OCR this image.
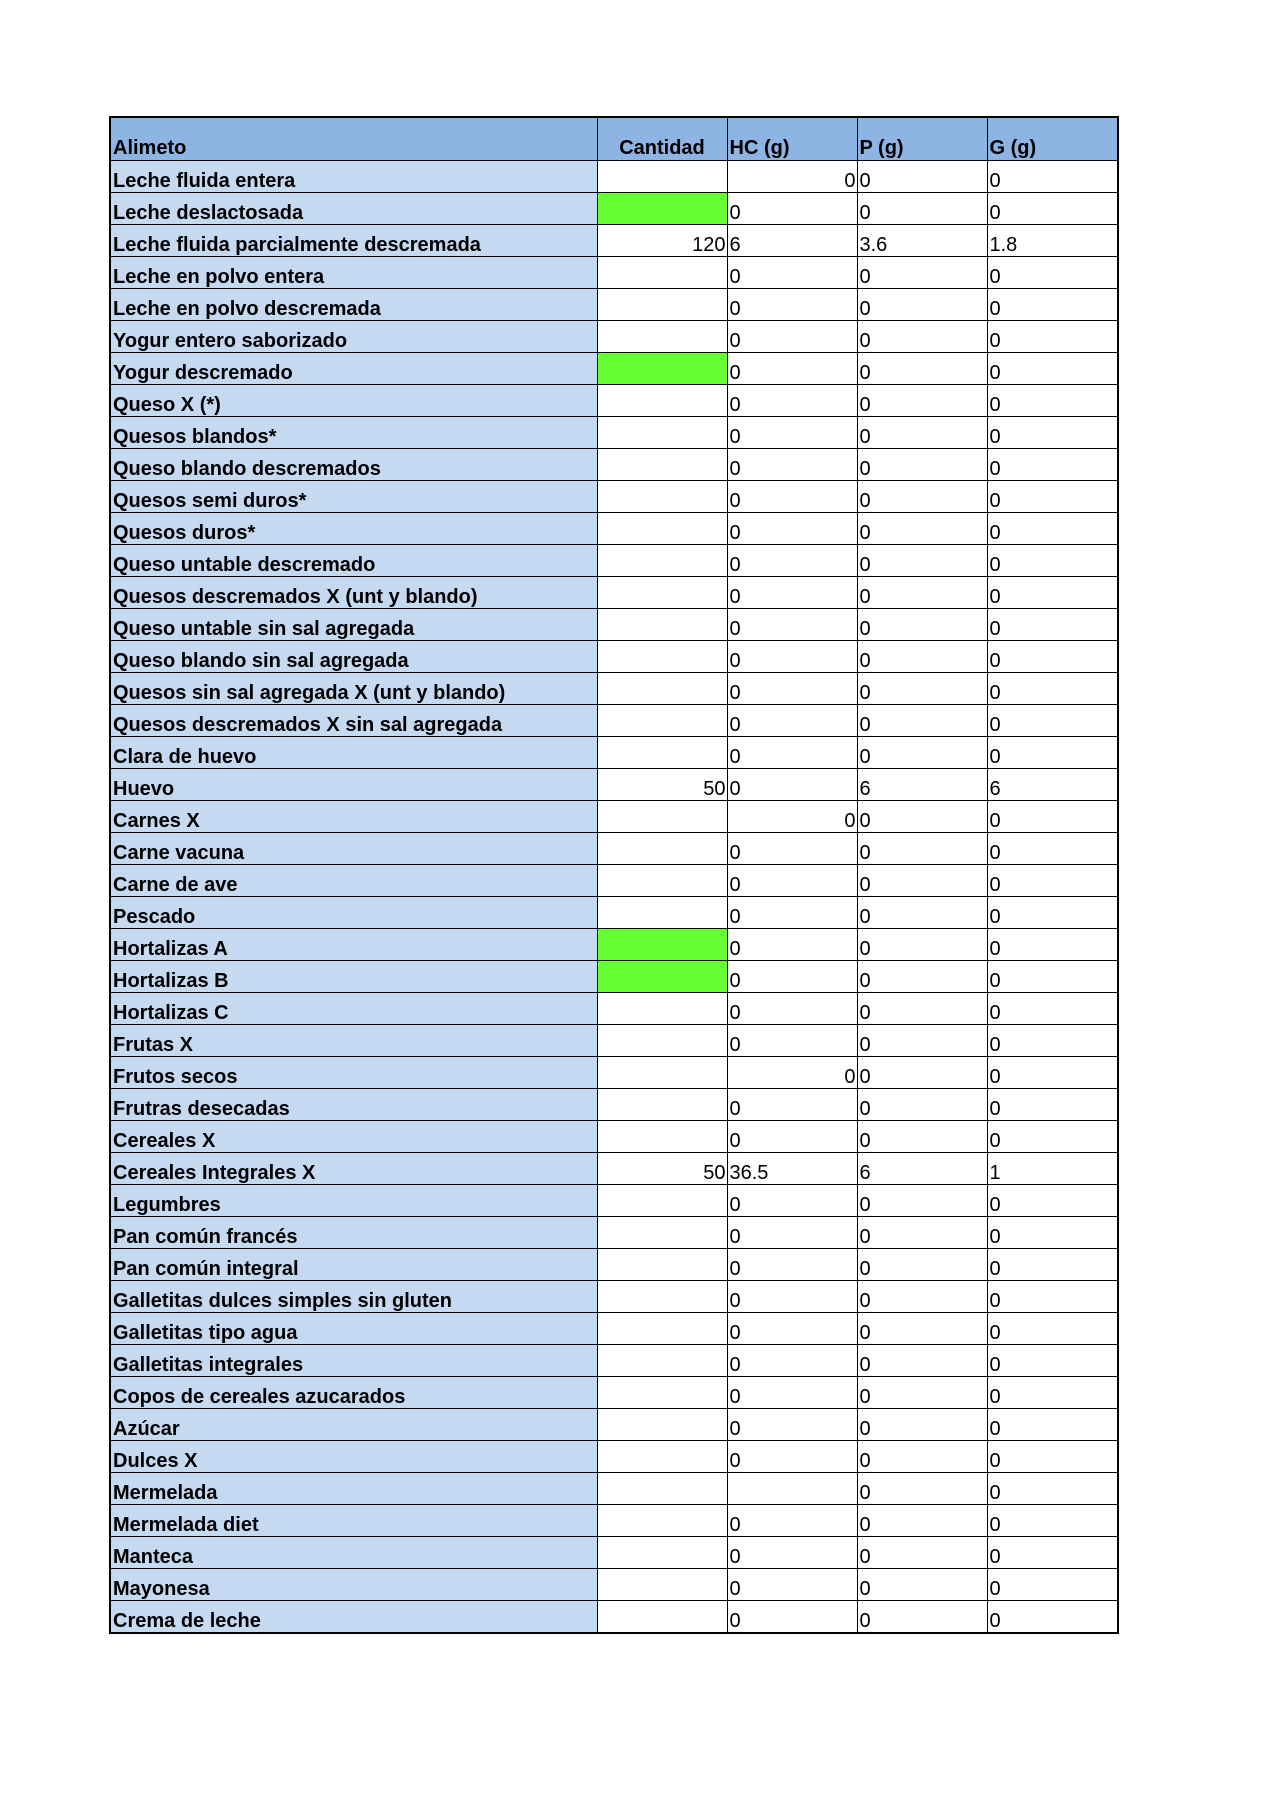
Alimeto	Cantidad	HC (g)	P (g)	G (g)
Leche fluida entera		0	0	0
Leche deslactosada		0	0	0
Leche fluida parcialmente descremada	120	6	3.6	1.8
Leche en polvo entera		0	0	0
Leche en polvo descremada		0	0	0
Yogur entero saborizado		0	0	0
Yogur descremado		0	0	0
Queso X (*)		0	0	0
Quesos blandos*		0	0	0
Queso blando descremados		0	0	0
Quesos semi duros*		0	0	0
Quesos duros*		0	0	0
Queso untable descremado		0	0	0
Quesos descremados X (unt y blando)		0	0	0
Queso untable sin sal agregada		0	0	0
Queso blando sin sal agregada		0	0	0
Quesos sin sal agregada X (unt y blando)		0	0	0
Quesos descremados X sin sal agregada		0	0	0
Clara de huevo		0	0	0
Huevo	50	0	6	6
Carnes X		0	0	0
Carne vacuna		0	0	0
Carne de ave		0	0	0
Pescado		0	0	0
Hortalizas A		0	0	0
Hortalizas B		0	0	0
Hortalizas C		0	0	0
Frutas X		0	0	0
Frutos secos		0	0	0
Frutras desecadas		0	0	0
Cereales X		0	0	0
Cereales Integrales X	50	36.5	6	1
Legumbres		0	0	0
Pan común francés		0	0	0
Pan común integral		0	0	0
Galletitas dulces simples sin gluten		0	0	0
Galletitas tipo agua		0	0	0
Galletitas integrales		0	0	0
Copos de cereales azucarados		0	0	0
Azúcar		0	0	0
Dulces X		0	0	0
Mermelada			0	0
Mermelada diet		0	0	0
Manteca		0	0	0
Mayonesa		0	0	0
Crema de leche		0	0	0
